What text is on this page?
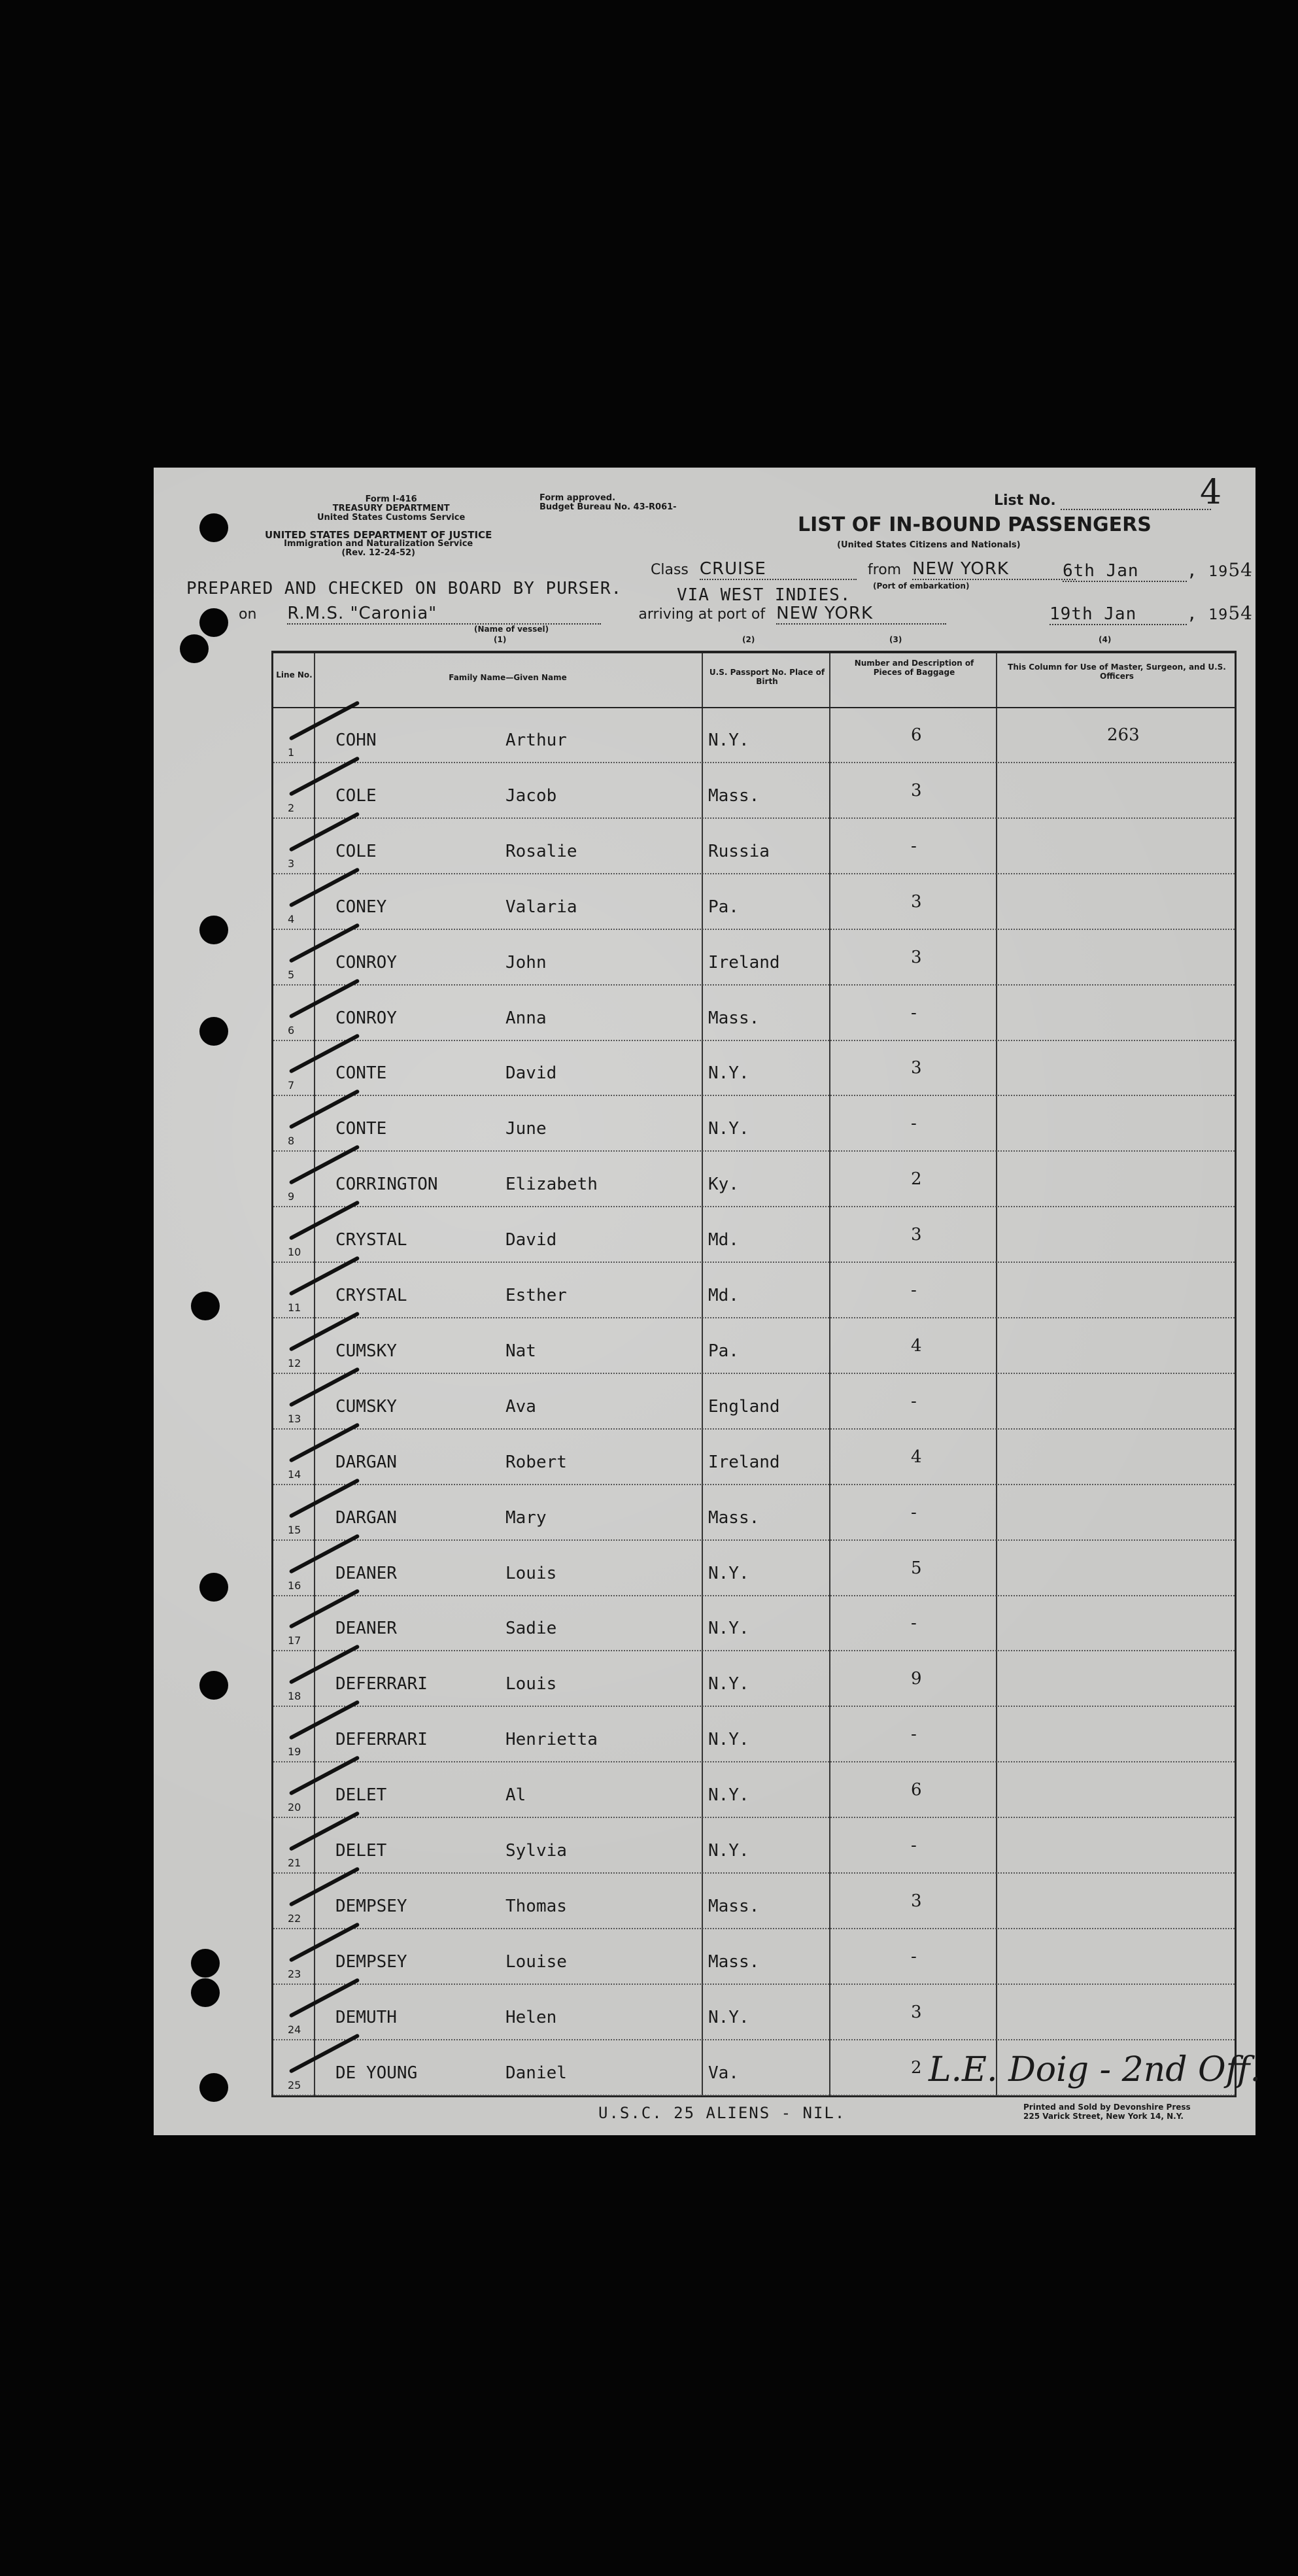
Form I-416
TREASURY DEPARTMENT
United States Customs Service
UNITED STATES DEPARTMENT OF JUSTICE
Immigration and Naturalization Service
(Rev. 12-24-52)
Form approved.
Budget Bureau No. 43-R061-	List No.	4
LIST OF IN-BOUND PASSENGERS
(United States Citizens and Nationals)
Class CRUISE	from NEW YORK
(Port of embarkation)
6th Jan	, 1954
PREPARED AND CHECKED ON BOARD BY PURSER.	VIA WEST INDIES.
on R.M.S. "Caronia"	arriving at port of NEW YORK	19th Jan	, 1954
(Name of vessel)
(1)	(2)	(3)	(4)
Line No.	Family Name—Given Name
U.S. Passport No. Place of Birth
Number and Description of Pieces of Baggage
This Column for Use of Master, Surgeon, and U.S. Officers
1
COHN	Arthur	N.Y.	6	263
2
COLE	Jacob	Mass.	3
3
COLE	Rosalie	Russia	-
4
CONEY	Valaria	Pa.	3
5
CONROY	John	Ireland	3
6
CONROY	Anna	Mass.	-
7
CONTE	David	N.Y.	3
8
CONTE	June	N.Y.	-
9
CORRINGTON	Elizabeth	Ky.	2
10
CRYSTAL	David	Md.	3
11
CRYSTAL	Esther	Md.	-
12
CUMSKY	Nat	Pa.	4
13
CUMSKY	Ava	England	-
14
DARGAN	Robert	Ireland	4
15
DARGAN	Mary	Mass.	-
16
DEANER	Louis	N.Y.	5
17
DEANER	Sadie	N.Y.	-
18
DEFERRARI	Louis	N.Y.	9
19
DEFERRARI	Henrietta	N.Y.	-
20
DELET	Al	N.Y.	6
21
DELET	Sylvia	N.Y.	-
22
DEMPSEY	Thomas	Mass.	3
23
DEMPSEY	Louise	Mass.	-
24
DEMUTH	Helen	N.Y.	3
25
DE YOUNG	Daniel	Va.	2
U.S.C. 25 ALIENS - NIL.
L.E. Doig - 2nd Off.
Printed and Sold by Devonshire Press
225 Varick Street, New York 14, N.Y.
